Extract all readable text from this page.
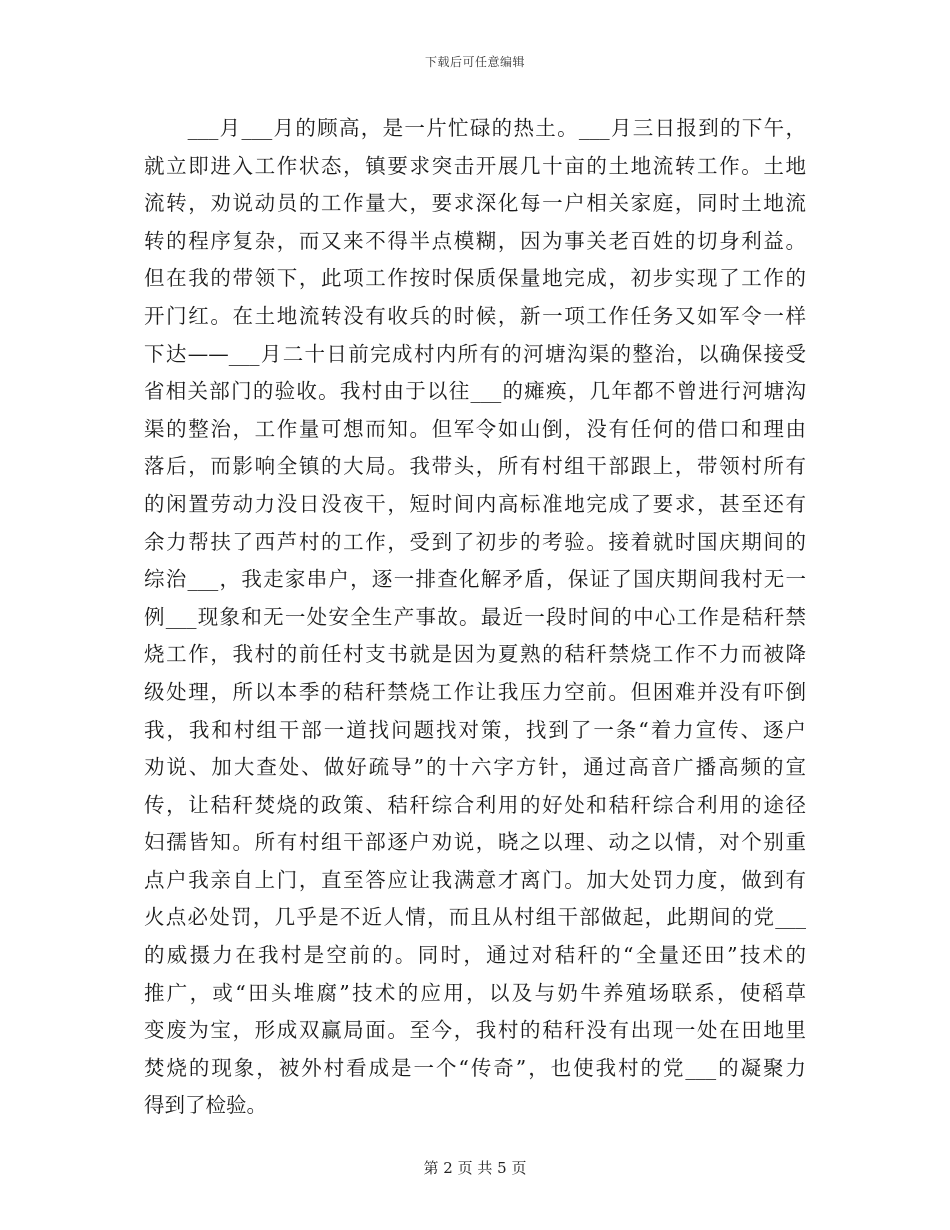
下载后可任意编辑
　　___月___月的顾高，是一片忙碌的热土。___月三日报到的下午，
就立即进入工作状态，镇要求突击开展几十亩的土地流转工作。土地
流转，劝说动员的工作量大，要求深化每一户相关家庭，同时土地流
转的程序复杂，而又来不得半点模糊，因为事关老百姓的切身利益。
但在我的带领下，此项工作按时保质保量地完成，初步实现了工作的
开门红。在土地流转没有收兵的时候，新一项工作任务又如军令一样
下达——___月二十日前完成村内所有的河塘沟渠的整治，以确保接受
省相关部门的验收。我村由于以往___的瘫痪，几年都不曾进行河塘沟
渠的整治，工作量可想而知。但军令如山倒，没有任何的借口和理由
落后，而影响全镇的大局。我带头，所有村组干部跟上，带领村所有
的闲置劳动力没日没夜干，短时间内高标准地完成了要求，甚至还有
余力帮扶了西芦村的工作，受到了初步的考验。接着就时国庆期间的
综治___，我走家串户，逐一排查化解矛盾，保证了国庆期间我村无一
例___现象和无一处安全生产事故。最近一段时间的中心工作是秸秆禁
烧工作，我村的前任村支书就是因为夏熟的秸秆禁烧工作不力而被降
级处理，所以本季的秸秆禁烧工作让我压力空前。但困难并没有吓倒
我，我和村组干部一道找问题找对策，找到了一条“着力宣传、逐户
劝说、加大查处、做好疏导”的十六字方针，通过高音广播高频的宣
传，让秸秆焚烧的政策、秸秆综合利用的好处和秸秆综合利用的途径
妇孺皆知。所有村组干部逐户劝说，晓之以理、动之以情，对个别重
点户我亲自上门，直至答应让我满意才离门。加大处罚力度，做到有
火点必处罚，几乎是不近人情，而且从村组干部做起，此期间的党___
的威摄力在我村是空前的。同时，通过对秸秆的“全量还田”技术的
推广，或“田头堆腐”技术的应用，以及与奶牛养殖场联系，使稻草
变废为宝，形成双赢局面。至今，我村的秸秆没有出现一处在田地里
焚烧的现象，被外村看成是一个“传奇”，也使我村的党___的凝聚力
得到了检验。
第 2 页 共 5 页
